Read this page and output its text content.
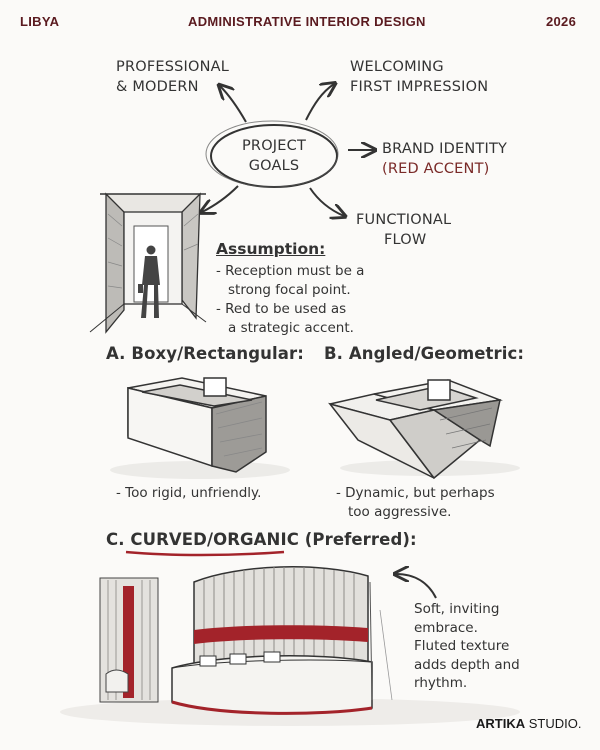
LIBYA	ADMINISTRATIVE INTERIOR DESIGN	2026
PROFESSIONAL
& MODERN
WELCOMING
FIRST IMPRESSION
PROJECT
GOALS
BRAND IDENTITY
(RED ACCENT)
FUNCTIONAL
FLOW
Assumption:
- Reception must be a
strong focal point.
- Red to be used as
a strategic accent.
A. Boxy/Rectangular: B. Angled/Geometric:
- Too rigid, unfriendly.	- Dynamic, but perhaps
too aggressive.
C. CURVED/ORGANIC (Preferred):
Soft, inviting
embrace.
Fluted texture
adds depth and
rhythm.
ARTIKA STUDIO.
